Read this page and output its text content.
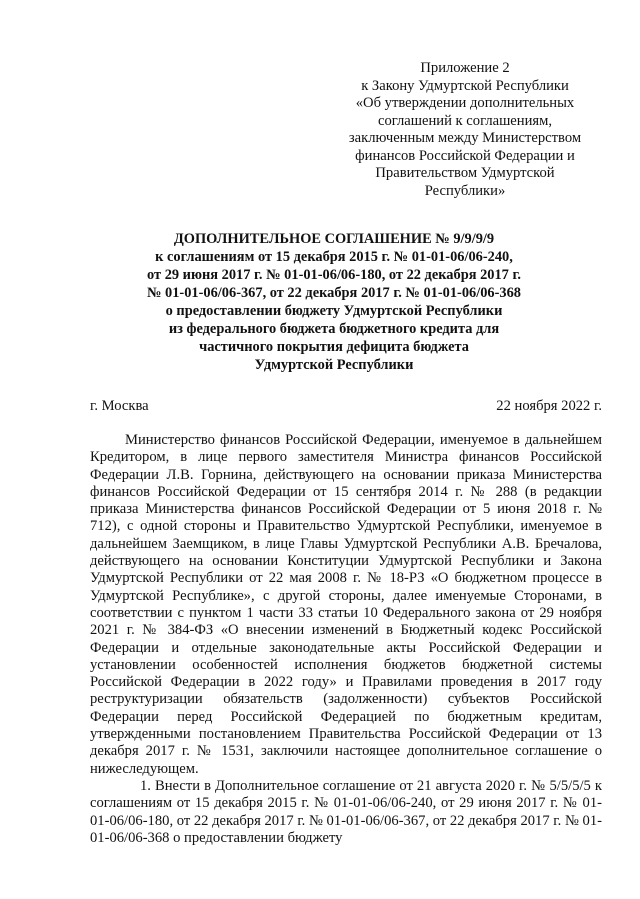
Приложение 2
к Закону Удмуртской Республики
«Об утверждении дополнительных
соглашений к соглашениям,
заключенным между Министерством
финансов Российской Федерации и
Правительством Удмуртской
Республики»
ДОПОЛНИТЕЛЬНОЕ СОГЛАШЕНИЕ № 9/9/9/9
к соглашениям от 15 декабря 2015 г. № 01-01-06/06-240,
от 29 июня 2017 г. № 01-01-06/06-180, от 22 декабря 2017 г.
№ 01-01-06/06-367, от 22 декабря 2017 г. № 01-01-06/06-368
о предоставлении бюджету Удмуртской Республики
из федерального бюджета бюджетного кредита для
частичного покрытия дефицита бюджета
Удмуртской Республики
г. Москва	22 ноября 2022 г.

Министерство финансов Российской Федерации, именуемое в дальнейшем Кредитором, в лице первого заместителя Министра финансов Российской Федерации Л.В. Горнина, действующего на основании приказа Министерства финансов Российской Федерации от 15 сентября 2014 г. № 288 (в редакции приказа Министерства финансов Российской Федерации от 5 июня 2018 г. № 712), с одной стороны и Правительство Удмуртской Республики, именуемое в дальнейшем Заемщиком, в лице Главы Удмуртской Республики А.В. Бречалова, действующего на основании Конституции Удмуртской Республики и Закона Удмуртской Республики от 22 мая 2008 г. № 18-РЗ «О бюджетном процессе в Удмуртской Республике», с другой стороны, далее именуемые Сторонами, в соответствии с пунктом 1 части 33 статьи 10 Федерального закона от 29 ноября 2021 г. № 384-ФЗ «О внесении изменений в Бюджетный кодекс Российской Федерации и отдельные законодательные акты Российской Федерации и установлении особенностей исполнения бюджетов бюджетной системы Российской Федерации в 2022 году» и Правилами проведения в 2017 году реструктуризации обязательств (задолженности) субъектов Российской Федерации перед Российской Федерацией по бюджетным кредитам, утвержденными постановлением Правительства Российской Федерации от 13 декабря 2017 г. № 1531, заключили настоящее дополнительное соглашение о нижеследующем.

1. Внести в Дополнительное соглашение от 21 августа 2020 г. № 5/5/5/5 к соглашениям от 15 декабря 2015 г. № 01-01-06/06-240, от 29 июня 2017 г. № 01-01-06/06-180, от 22 декабря 2017 г. № 01-01-06/06-367, от 22 декабря 2017 г. № 01-01-06/06-368 о предоставлении бюджету
